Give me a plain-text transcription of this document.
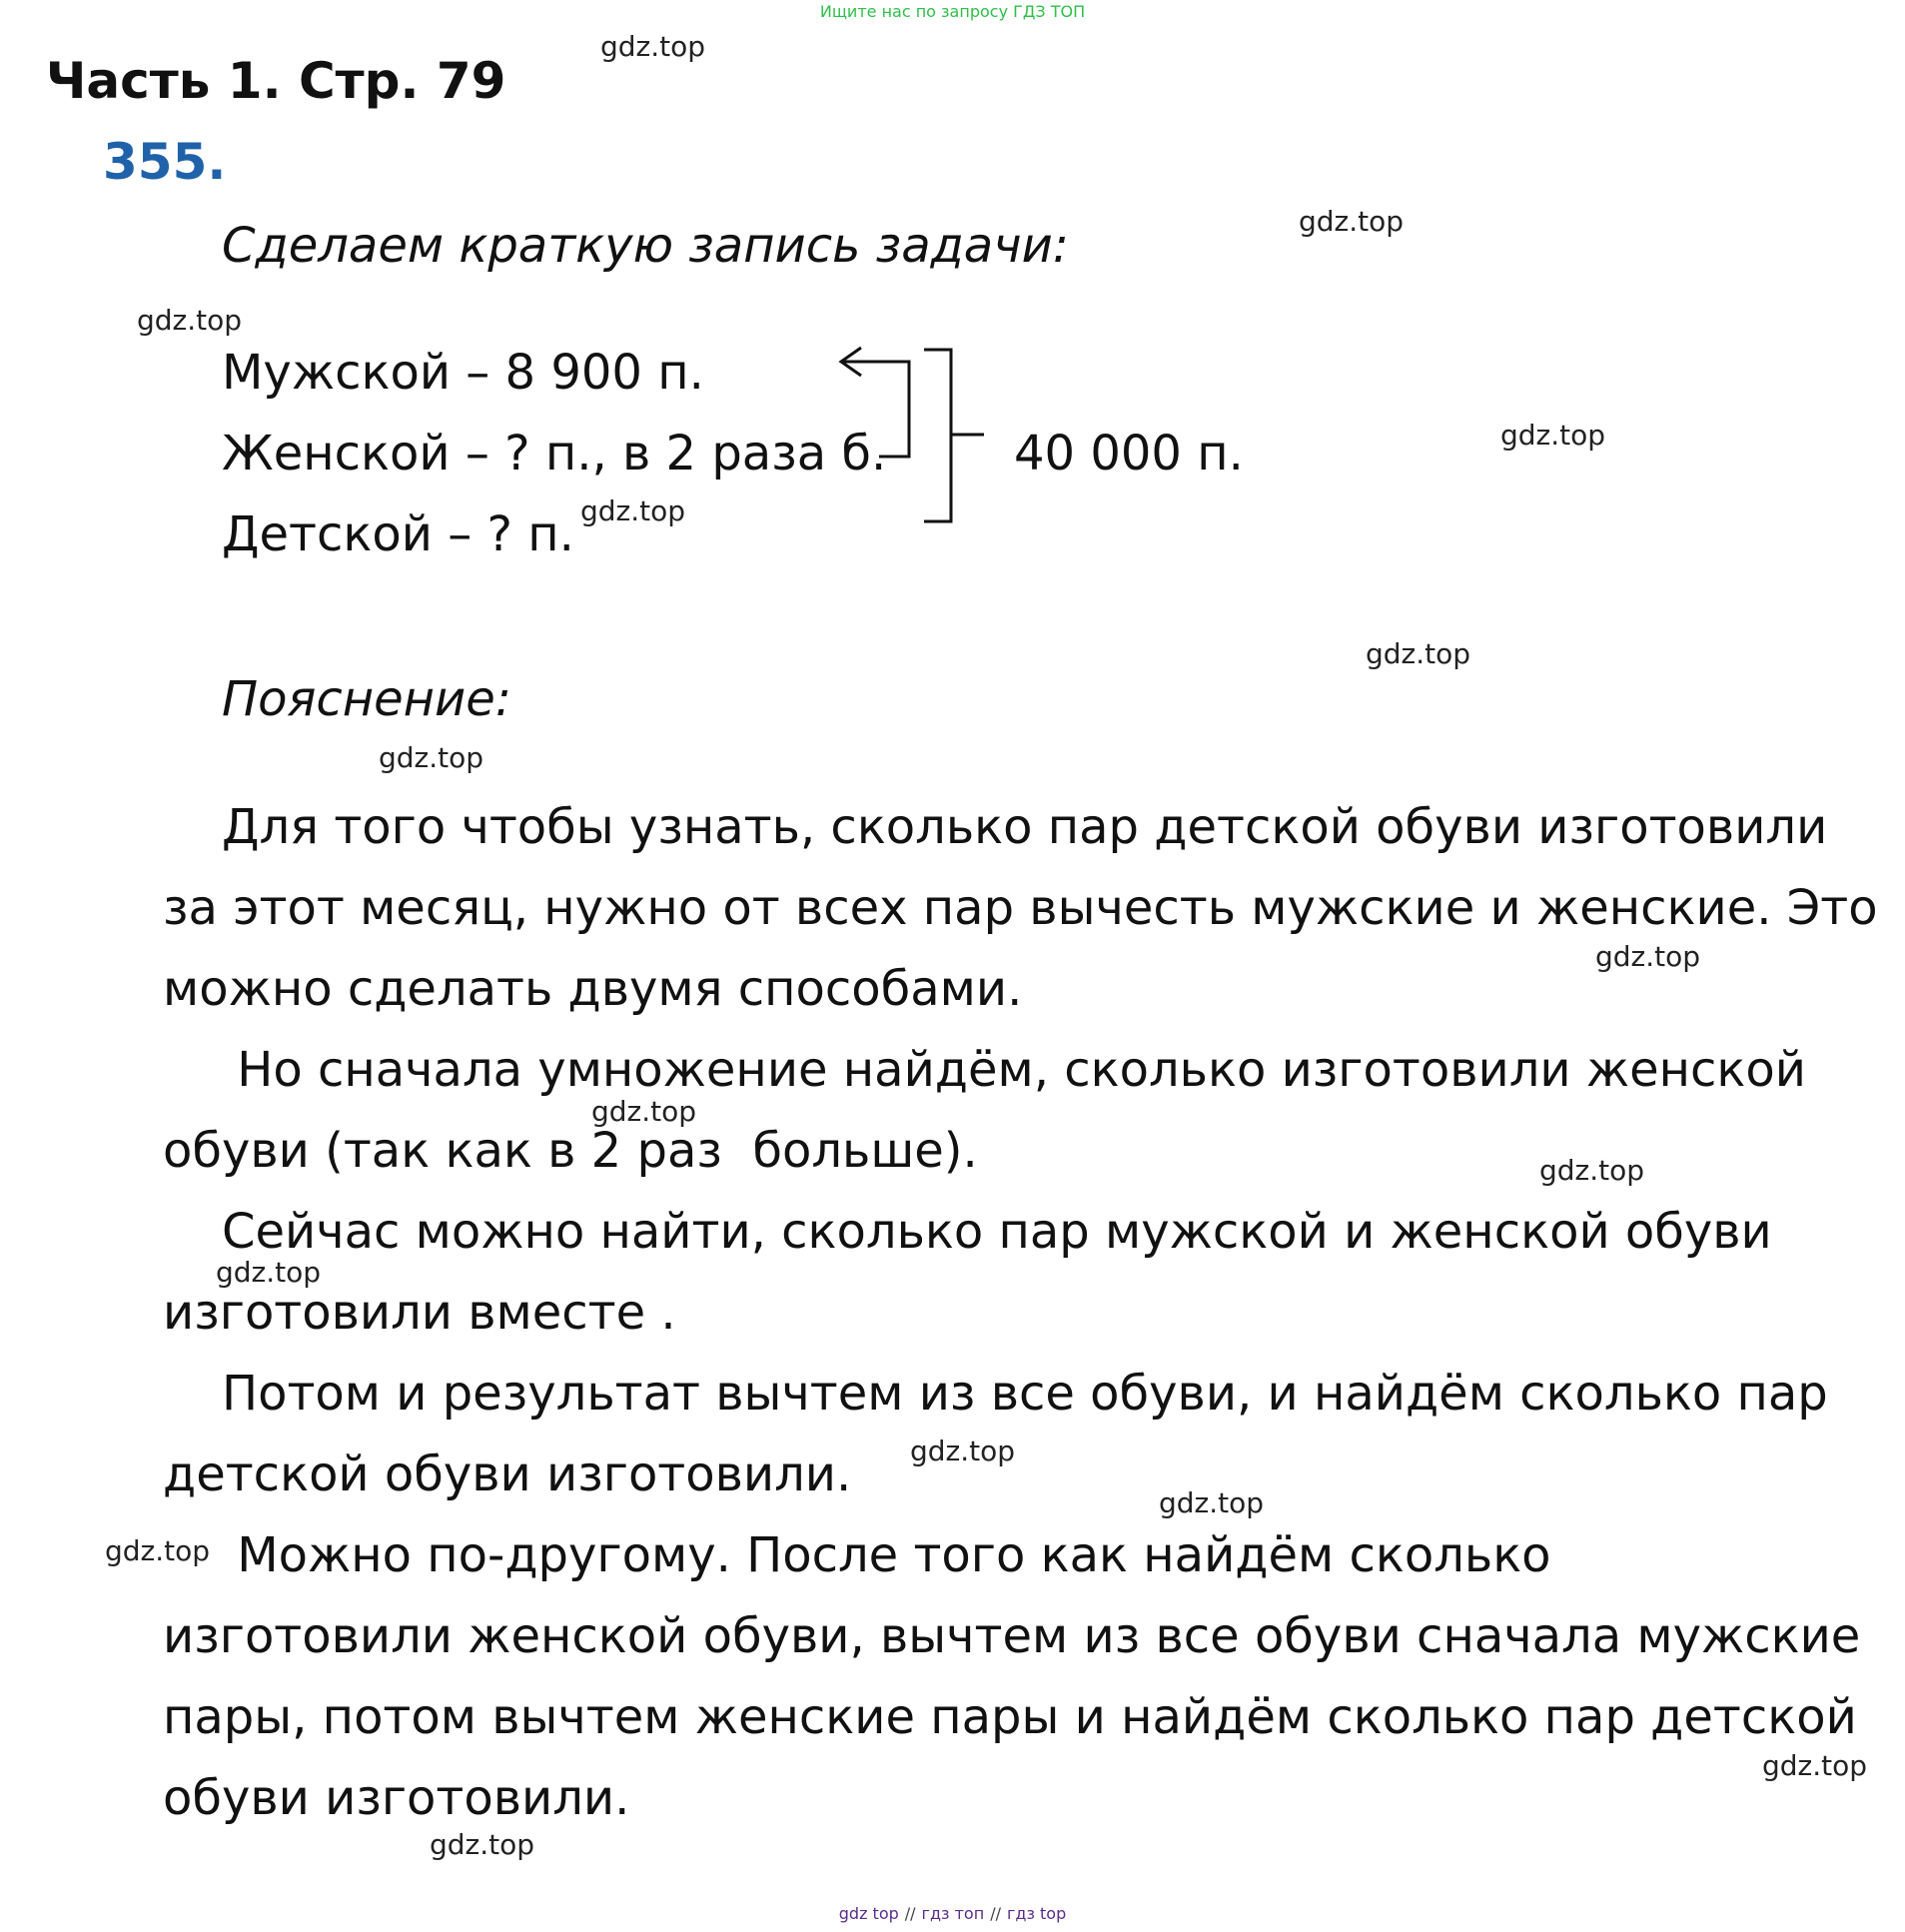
Ищите нас по запросу ГДЗ ТОП
Часть 1. Стр. 79
355.
Сделаем краткую запись задачи:
Мужской – 8 900 п.
Женской – ? п., в 2 раза б.
Детской – ? п.
40 000 п.
Пояснение:
Для того чтобы узнать, сколько пар детской обуви изготовили
за этот месяц, нужно от всех пар вычесть мужские и женские. Это
можно сделать двумя способами.
Но сначала умножение найдём, сколько изготовили женской
обуви (так как в 2 раз  больше).
Сейчас можно найти, сколько пар мужской и женской обуви
изготовили вместе .
Потом и результат вычтем из все обуви, и найдём сколько пар
детской обуви изготовили.
Можно по-другому. После того как найдём сколько
изготовили женской обуви, вычтем из все обуви сначала мужские
пары, потом вычтем женские пары и найдём сколько пар детской
обуви изготовили.
gdz.top
gdz.top
gdz.top
gdz.top
gdz.top
gdz.top
gdz.top
gdz.top
gdz.top
gdz.top
gdz.top
gdz.top
gdz.top
gdz.top
gdz.top
gdz.top
gdz top // гдз топ // гдз top
